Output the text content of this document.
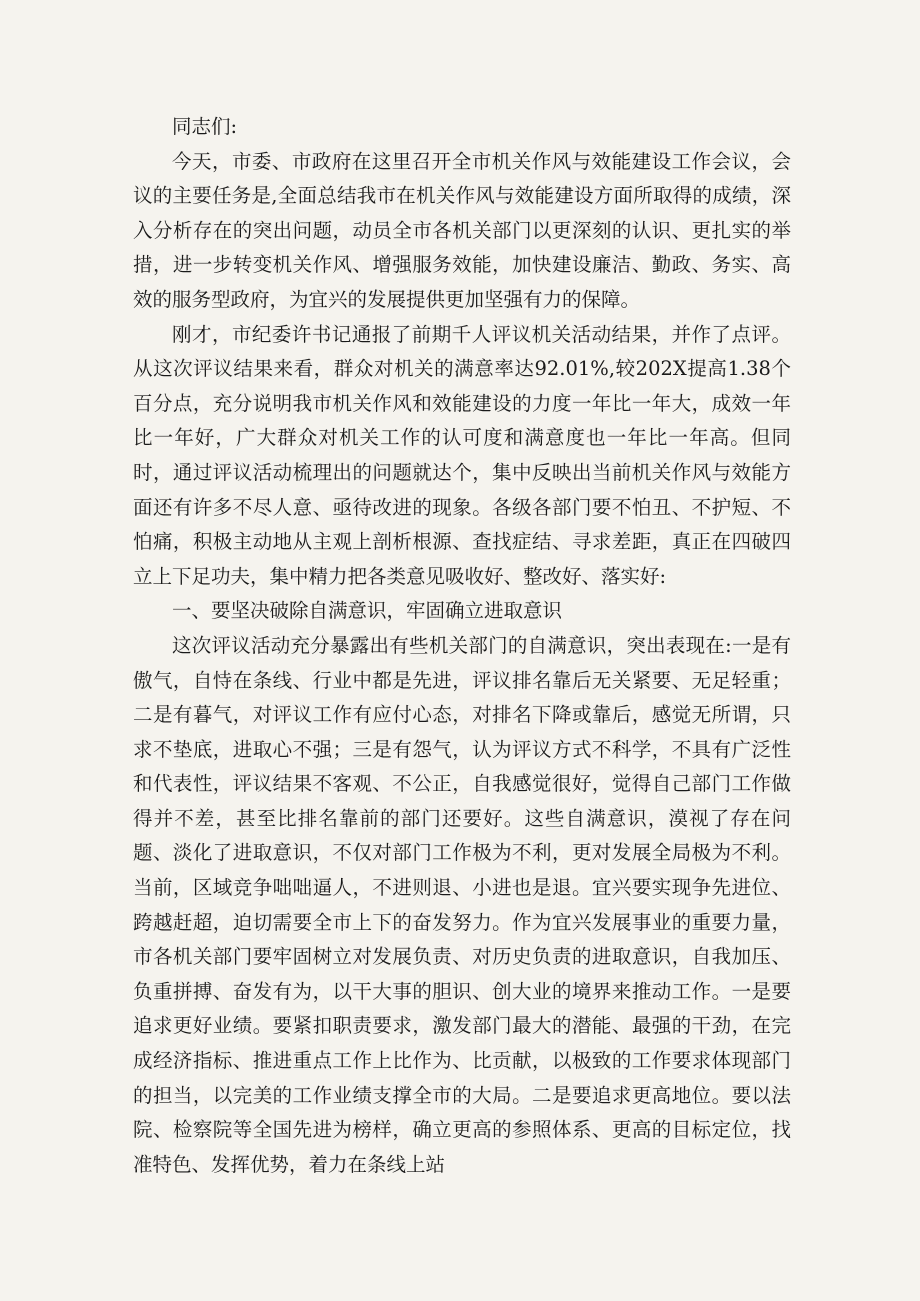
同志们:

今天，市委、市政府在这里召开全市机关作风与效能建设工作会议，会议的主要任务是,全面总结我市在机关作风与效能建设方面所取得的成绩，深入分析存在的突出问题，动员全市各机关部门以更深刻的认识、更扎实的举措，进一步转变机关作风、增强服务效能，加快建设廉洁、勤政、务实、高效的服务型政府，为宜兴的发展提供更加坚强有力的保障。

刚才，市纪委许书记通报了前期千人评议机关活动结果，并作了点评。从这次评议结果来看，群众对机关的满意率达92.01%,较202X提高1.38个百分点，充分说明我市机关作风和效能建设的力度一年比一年大，成效一年比一年好，广大群众对机关工作的认可度和满意度也一年比一年高。但同时，通过评议活动梳理出的问题就达个，集中反映出当前机关作风与效能方面还有许多不尽人意、亟待改进的现象。各级各部门要不怕丑、不护短、不怕痛，积极主动地从主观上剖析根源、查找症结、寻求差距，真正在四破四立上下足功夫，集中精力把各类意见吸收好、整改好、落实好:

一、要坚决破除自满意识，牢固确立进取意识

这次评议活动充分暴露出有些机关部门的自满意识，突出表现在:一是有傲气，自恃在条线、行业中都是先进，评议排名靠后无关紧要、无足轻重；二是有暮气，对评议工作有应付心态，对排名下降或靠后，感觉无所谓，只求不垫底，进取心不强；三是有怨气，认为评议方式不科学，不具有广泛性和代表性，评议结果不客观、不公正，自我感觉很好，觉得自己部门工作做得并不差，甚至比排名靠前的部门还要好。这些自满意识，漠视了存在问题、淡化了进取意识，不仅对部门工作极为不利，更对发展全局极为不利。当前，区域竞争咄咄逼人，不进则退、小进也是退。宜兴要实现争先进位、跨越赶超，迫切需要全市上下的奋发努力。作为宜兴发展事业的重要力量，市各机关部门要牢固树立对发展负责、对历史负责的进取意识，自我加压、负重拼搏、奋发有为，以干大事的胆识、创大业的境界来推动工作。一是要追求更好业绩。要紧扣职责要求，激发部门最大的潜能、最强的干劲，在完成经济指标、推进重点工作上比作为、比贡献，以极致的工作要求体现部门的担当，以完美的工作业绩支撑全市的大局。二是要追求更高地位。要以法院、检察院等全国先进为榜样，确立更高的参照体系、更高的目标定位，找准特色、发挥优势，着力在条线上站
